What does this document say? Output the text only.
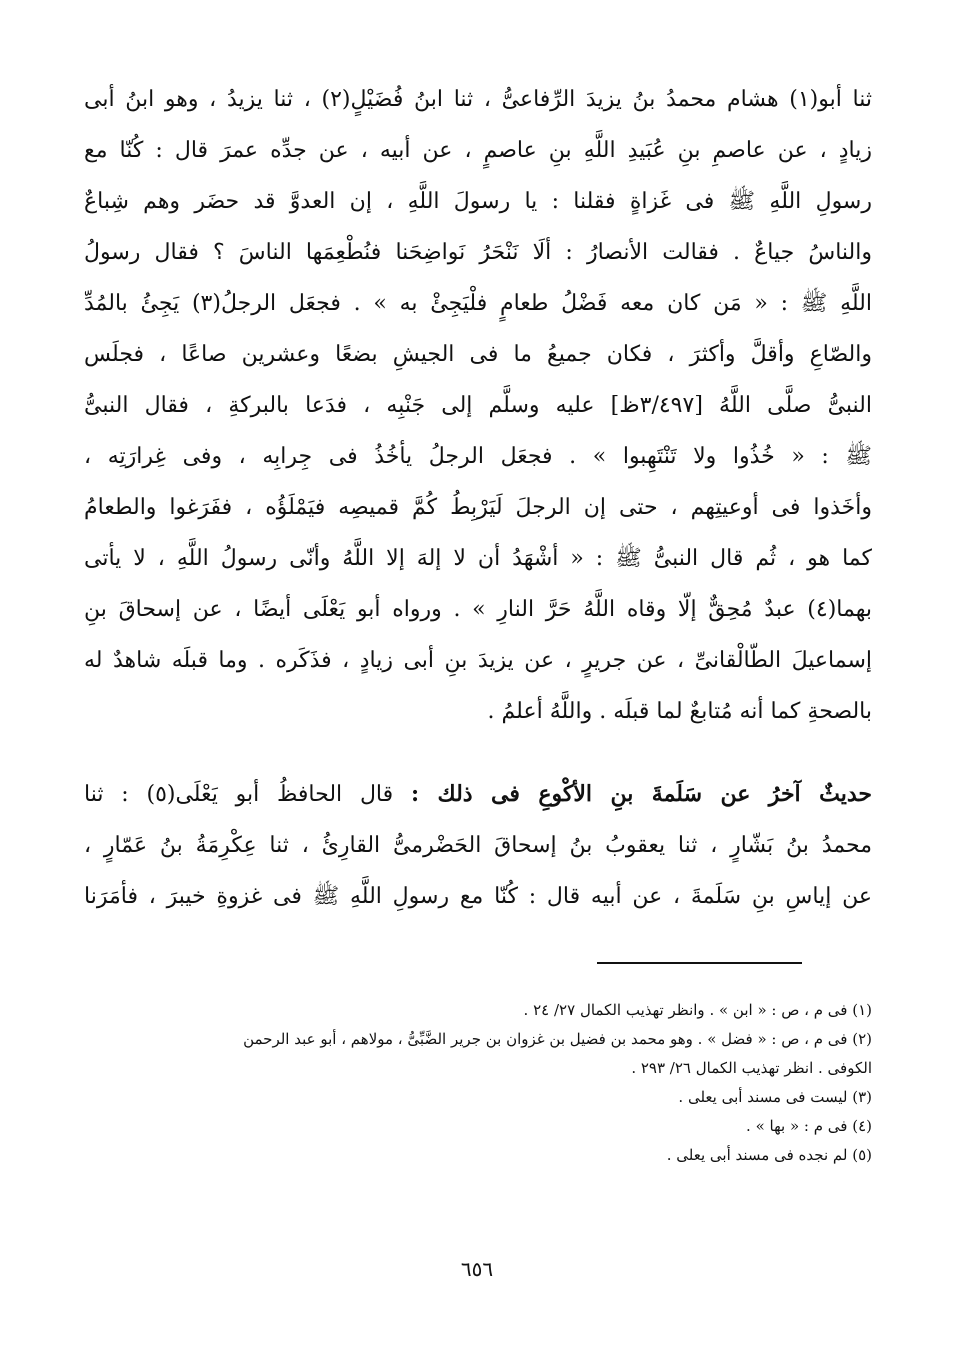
ثنا أبو(١) هشام محمدُ بنُ يزيدَ الرِّفاعىُّ ، ثنا ابنُ فُضَيْلٍ(٢) ، ثنا يزيدُ ، وهو ابنُ أبى
زيادٍ ، عن عاصمِ بنِ عُبَيدِ اللَّهِ بنِ عاصمٍ ، عن أبيه ، عن جدِّه عمرَ قال : كُنّا مع
رسولِ اللَّهِ ﷺ فى غَزاةٍ فقلنا : يا رسولَ اللَّهِ ، إن العدوَّ قد حضَر وهم شِباعٌ
والناسُ جياعٌ . فقالت الأنصارُ : ألَا نَنْحَرُ نَواضِحَنا فنُطْعِمَها الناسَ ؟ فقال رسولُ
اللَّهِ ﷺ : « مَن كان معه فَضْلُ طعامٍ فلْيَجِئْ به » . فجعَل الرجلُ(٣) يَجِئُ بالمُدِّ
والصّاعِ وأقلَّ وأكثرَ ، فكان جميعُ ما فى الجيشِ بضعًا وعشرين صاعًا ، فجلَس
النبىُّ صلَّى اللَّهُ [٣/٤٩٧ظ] عليه وسلَّم إلى جَنْبِه ، فدَعا بالبركةِ ، فقال النبىُّ
ﷺ : « خُذُوا ولا تَنْتَهِبوا » . فجعَل الرجلُ يأخُذُ فى جِرابِه ، وفى غِرارَتِه ،
وأخَذوا فى أوعيتِهم ، حتى إن الرجلَ لَيَرْبِطُ كُمَّ قميصِه فيَمْلَؤُه ، ففَرَغوا والطعامُ
كما هو ، ثُم قال النبىُّ ﷺ : « أشْهَدُ أن لا إلهَ إلا اللَّهُ وأنّى رسولُ اللَّهِ ، لا يأتى
بهما(٤) عبدٌ مُحِقٌّ إلّا وقاه اللَّهُ حَرَّ النارِ » . ورواه أبو يَعْلَى أيضًا ، عن إسحاقَ بنِ
إسماعيلَ الطّالْقانىِّ ، عن جريرٍ ، عن يزيدَ بنِ أبى زيادٍ ، فذَكَره . وما قبلَه شاهدٌ له
بالصحةِ كما أنه مُتابعٌ لما قبلَه . واللَّهُ أعلمُ .
حديثٌ آخرُ عن سَلَمةَ بنِ الأكْوعِ فى ذلك : قال الحافظُ أبو يَعْلَى(٥) : ثنا
محمدُ بنُ بَشّارٍ ، ثنا يعقوبُ بنُ إسحاقَ الحَضْرمىُّ القارِئُ ، ثنا عِكْرِمَةُ بنُ عَمّارٍ ،
عن إياسِ بنِ سَلَمةَ ، عن أبيه قال : كُنّا مع رسولِ اللَّهِ ﷺ فى غزوةِ خيبرَ ، فأمَرَنا
(١) فى م ، ص : « ابن » . وانظر تهذيب الكمال ٢٧/ ٢٤ .
(٢) فى م ، ص : « فضل » . وهو محمد بن فضيل بن غزوان بن جرير الضَّبِّىُّ ، مولاهم ، أبو عبد الرحمن
الكوفى . انظر تهذيب الكمال ٢٦/ ٢٩٣ .
(٣) ليست فى مسند أبى يعلى .
(٤) فى م : « بها » .
(٥) لم نجده فى مسند أبى يعلى .
٦٥٦
